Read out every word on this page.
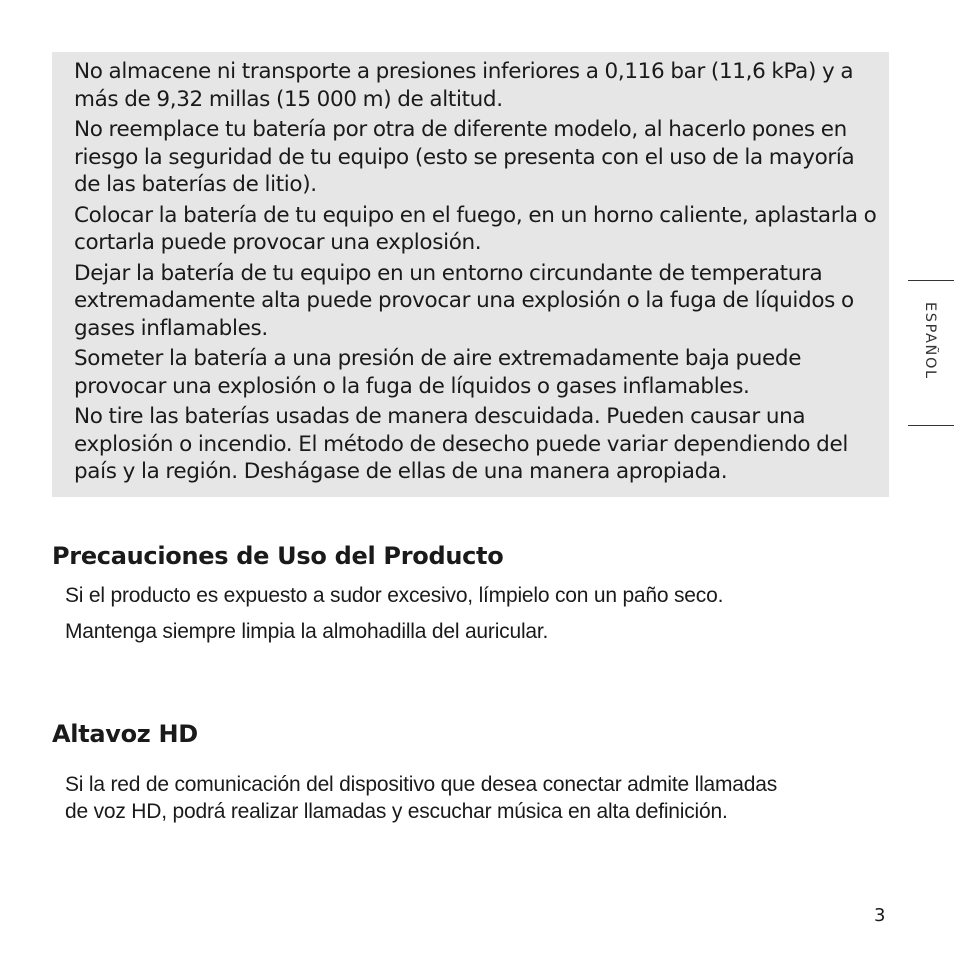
No almacene ni transporte a presiones inferiores a 0,116 bar (11,6 kPa) y a más de 9,32 millas (15 000 m) de altitud.

No reemplace tu batería por otra de diferente modelo, al hacerlo pones en riesgo la seguridad de tu equipo (esto se presenta con el uso de la mayoría de las baterías de litio).

Colocar la batería de tu equipo en el fuego, en un horno caliente, aplastarla o cortarla puede provocar una explosión.

Dejar la batería de tu equipo en un entorno circundante de temperatura extremadamente alta puede provocar una explosión o la fuga de líquidos o gases inflamables.

Someter la batería a una presión de aire extremadamente baja puede provocar una explosión o la fuga de líquidos o gases inflamables.

No tire las baterías usadas de manera descuidada. Pueden causar una explosión o incendio. El método de desecho puede variar dependiendo del país y la región. Deshágase de ellas de una manera apropiada.

Precauciones de Uso del Producto

Si el producto es expuesto a sudor excesivo, límpielo con un paño seco.

Mantenga siempre limpia la almohadilla del auricular.

Altavoz HD

Si la red de comunicación del dispositivo que desea conectar admite llamadas

de voz HD, podrá realizar llamadas y escuchar música en alta definición.

ESPAÑOL
3
